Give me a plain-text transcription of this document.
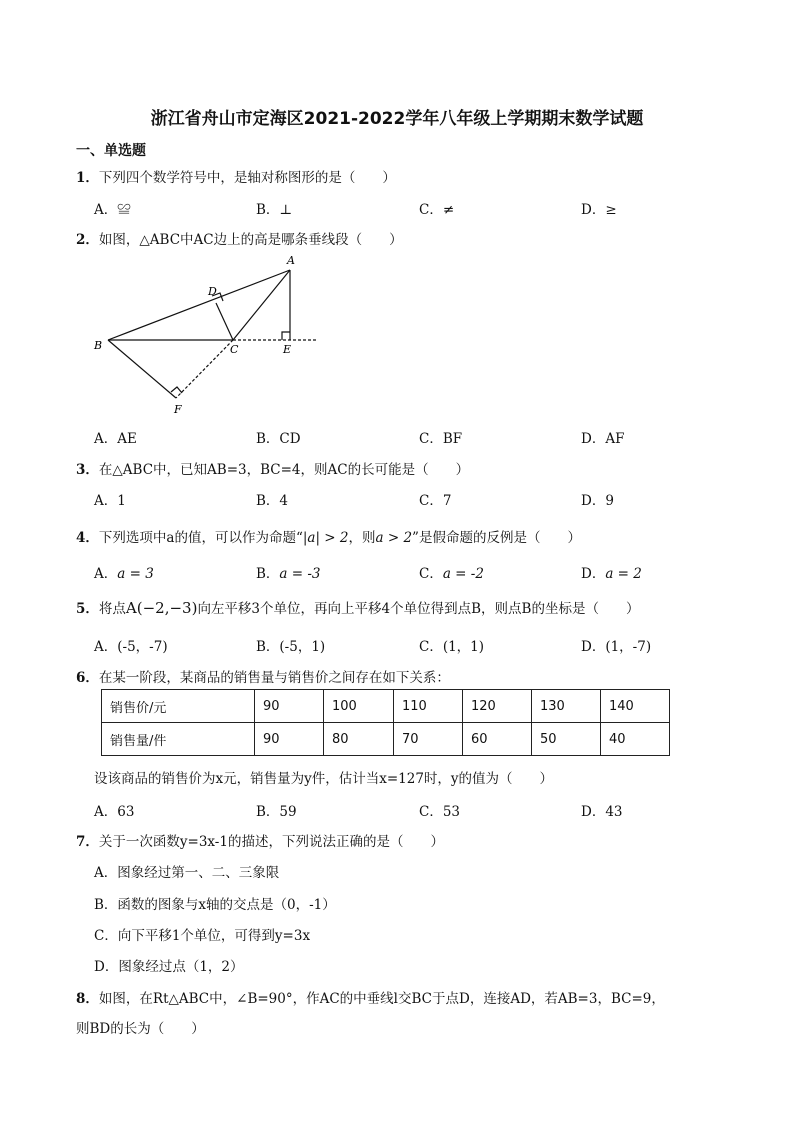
浙江省舟山市定海区2021-2022学年八年级上学期期末数学试题
一、单选题
1．下列四个数学符号中，是轴对称图形的是（　　）
A．≌	B．⊥	C．≠	D．≥
2．如图，△ABC中AC边上的高是哪条垂线段（　　）
A
B	C
D
E
F
A．AE	B．CD	C．BF	D．AF
3．在△ABC中，已知AB=3，BC=4，则AC的长可能是（　　）
A．1	B．4	C．7	D．9
4．下列选项中a的值，可以作为命题“|a| > 2，则a > 2”是假命题的反例是（　　）
A．a = 3	B．a = -3	C．a = -2	D．a = 2
5．将点A(−2,−3)向左平移3个单位，再向上平移4个单位得到点B，则点B的坐标是（　　）
A．(-5，-7)	B．(-5，1)	C．(1，1)	D．(1，-7)
6．在某一阶段，某商品的销售量与销售价之间存在如下关系：
销售价/元	90	100	110	120	130	140
销售量/件	90	80	70	60	50	40
设该商品的销售价为x元，销售量为y件，估计当x=127时，y的值为（　　）
A．63	B．59	C．53	D．43
7．关于一次函数y=3x-1的描述，下列说法正确的是（　　）
A．图象经过第一、二、三象限
B．函数的图象与x轴的交点是（0，-1）
C．向下平移1个单位，可得到y=3x
D．图象经过点（1，2）
8．如图，在Rt△ABC中，∠B=90°，作AC的中垂线l交BC于点D，连接AD，若AB=3，BC=9，
则BD的长为（　　）
